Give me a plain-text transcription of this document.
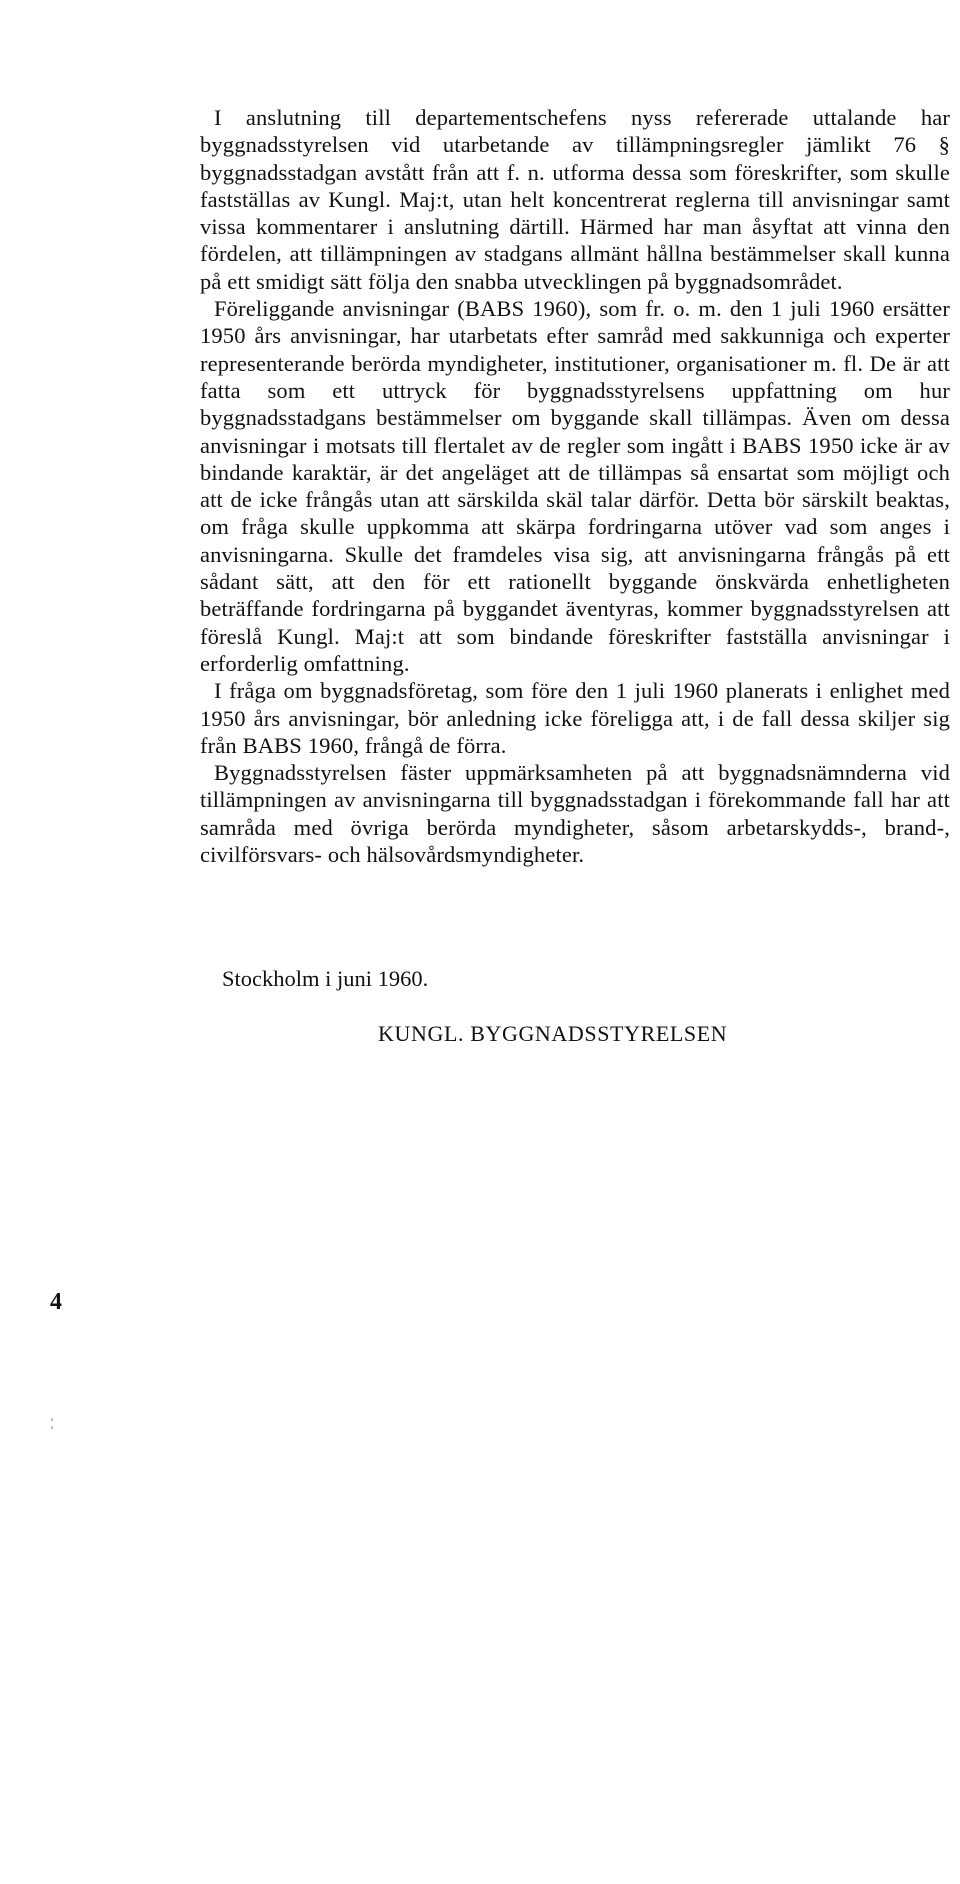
I anslutning till departementschefens nyss refererade uttalande har byggnadsstyrelsen vid utarbetande av tillämpningsregler jämlikt 76 § byggnadsstadgan avstått från att f. n. utforma dessa som föreskrifter, som skulle fastställas av Kungl. Maj:t, utan helt koncentrerat reglerna till anvisningar samt vissa kommentarer i anslutning därtill. Härmed har man åsyftat att vinna den fördelen, att tillämpningen av stadgans allmänt hållna bestämmelser skall kunna på ett smidigt sätt följa den snabba utvecklingen på byggnadsområdet.

Föreliggande anvisningar (BABS 1960), som fr. o. m. den 1 juli 1960 ersätter 1950 års anvisningar, har utarbetats efter samråd med sakkunniga och experter representerande berörda myndigheter, institutioner, organisationer m. fl. De är att fatta som ett uttryck för byggnadsstyrelsens uppfattning om hur byggnadsstadgans bestämmelser om byggande skall tillämpas. Även om dessa anvisningar i motsats till flertalet av de regler som ingått i BABS 1950 icke är av bindande karaktär, är det angeläget att de tillämpas så ensartat som möjligt och att de icke frångås utan att särskilda skäl talar därför. Detta bör särskilt beaktas, om fråga skulle uppkomma att skärpa fordringarna utöver vad som anges i anvisningarna. Skulle det framdeles visa sig, att anvisningarna frångås på ett sådant sätt, att den för ett rationellt byggande önskvärda enhetligheten beträffande fordringarna på byggandet äventyras, kommer byggnadsstyrelsen att föreslå Kungl. Maj:t att som bindande föreskrifter fastställa anvisningar i erforderlig omfattning.

I fråga om byggnadsföretag, som före den 1 juli 1960 planerats i enlighet med 1950 års anvisningar, bör anledning icke föreligga att, i de fall dessa skiljer sig från BABS 1960, frångå de förra.

Byggnadsstyrelsen fäster uppmärksamheten på att byggnadsnämnderna vid tillämpningen av anvisningarna till byggnadsstadgan i förekommande fall har att samråda med övriga berörda myndigheter, såsom arbetarskydds-, brand-, civilförsvars- och hälsovårdsmyndigheter.

Stockholm i juni 1960.
KUNGL. BYGGNADSSTYRELSEN
4
